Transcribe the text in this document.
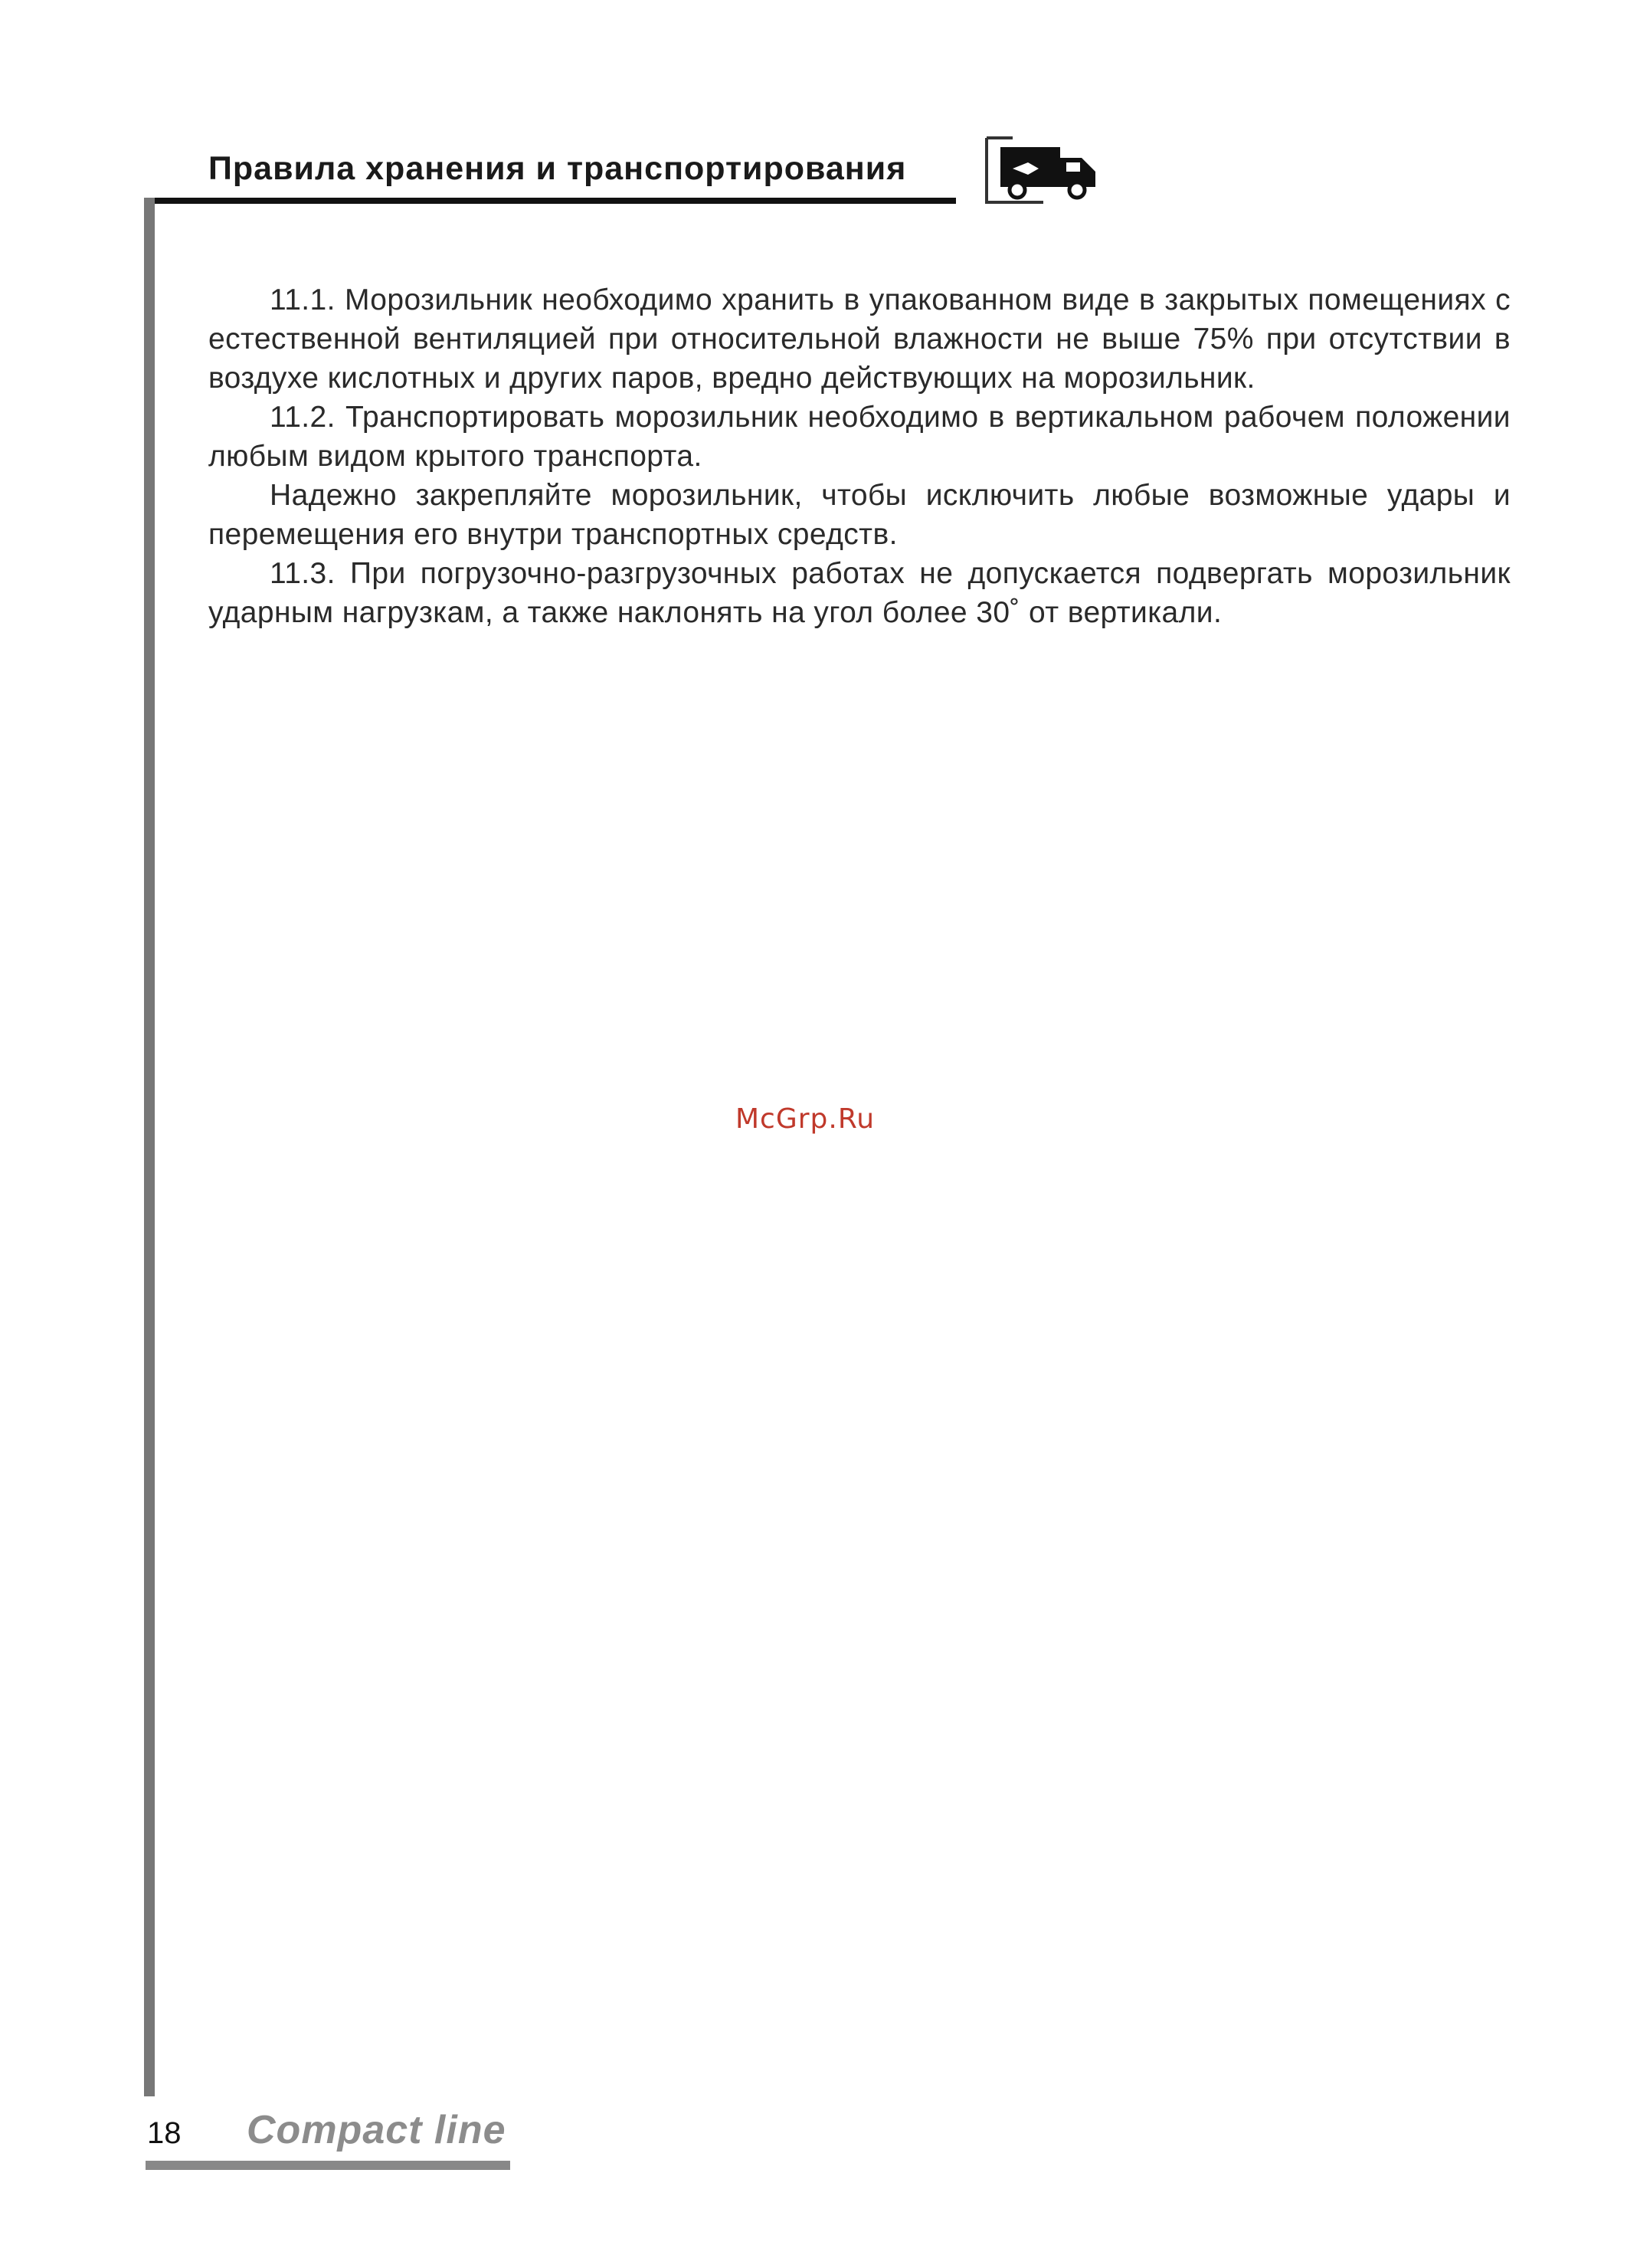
Правила хранения и транспортирования

11.1. Морозильник необходимо хранить в упакованном виде в закрытых помещениях с естественной вентиляцией при относительной влажности не выше 75% при отсутствии в воздухе кислотных и других паров, вредно действующих на морозильник.

11.2. Транспортировать морозильник необходимо в вертикальном рабочем положении любым видом крытого транспорта.

Надежно закрепляйте морозильник, чтобы исключить любые возможные удары и перемещения его внутри транспортных средств.

11.3. При погрузочно-разгрузочных работах не допускается подвергать морозильник ударным нагрузкам, а также наклонять на угол более 30˚ от вертикали.

McGrp.Ru
18 Compact line
